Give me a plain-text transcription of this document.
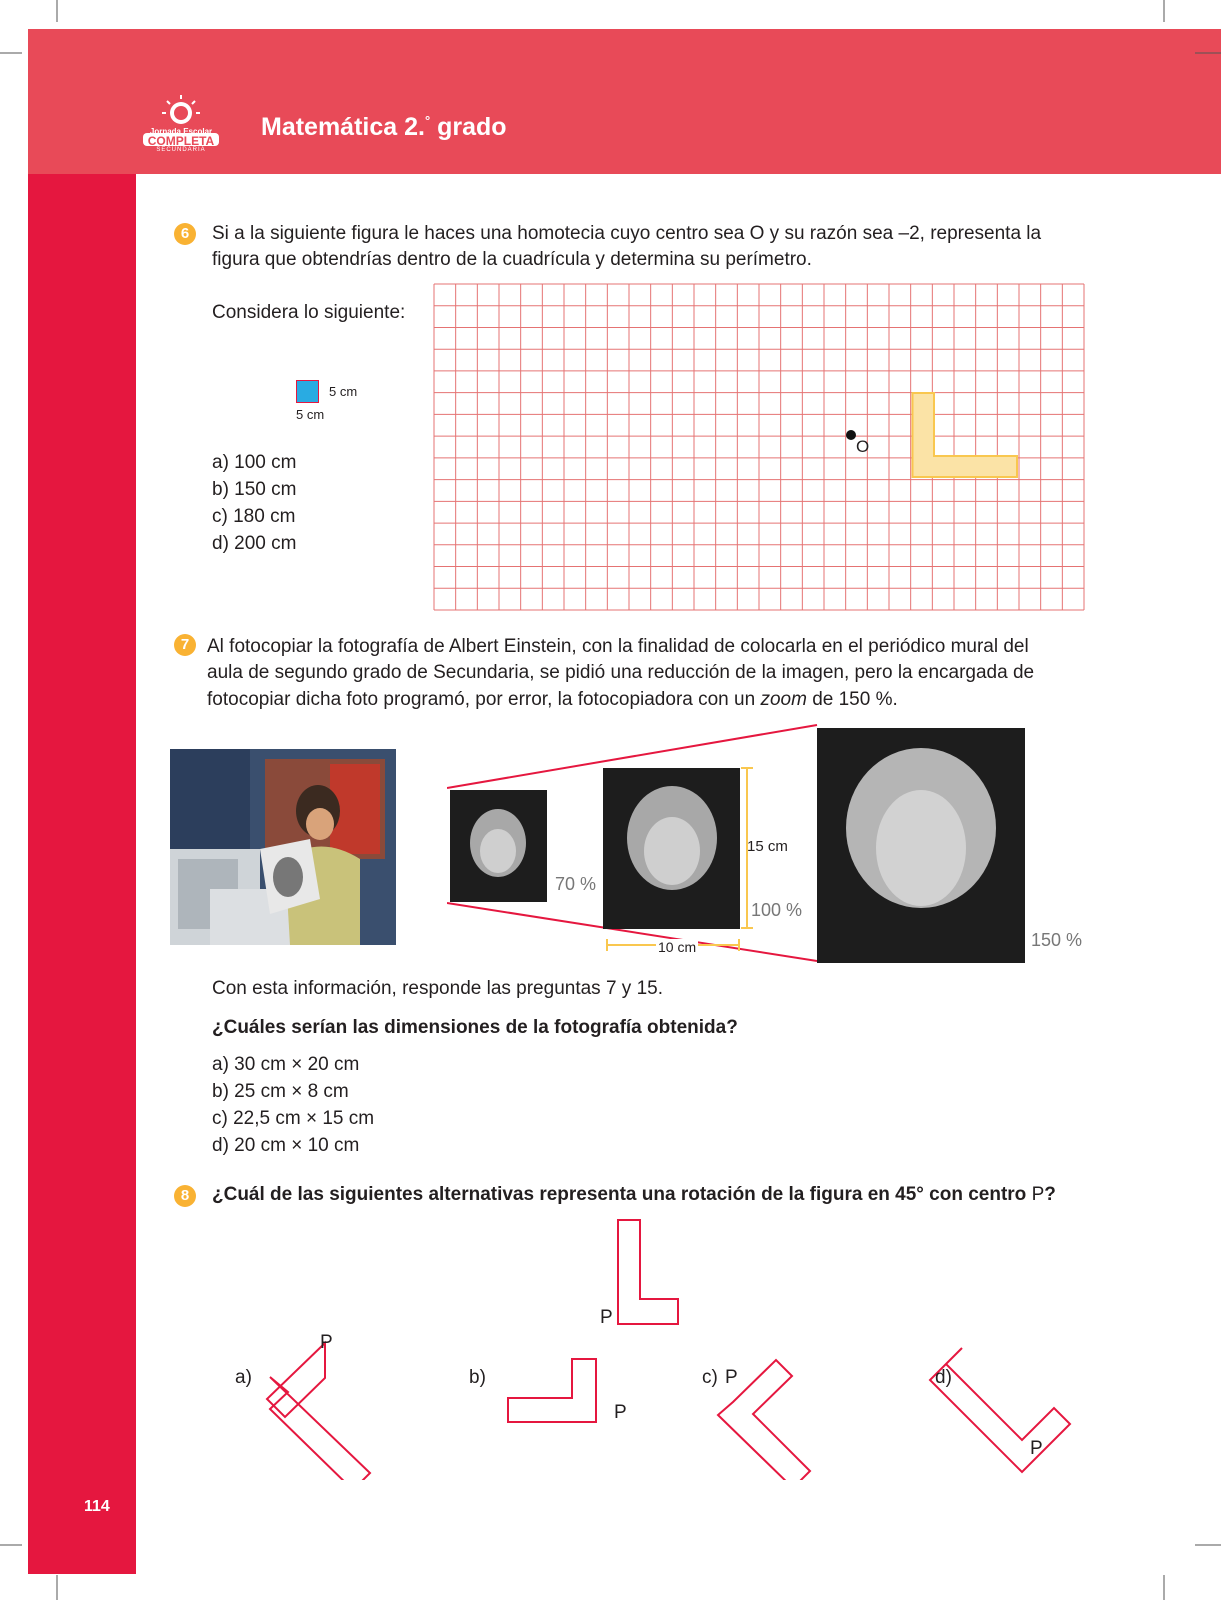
Jornada Escolar
COMPLETA
SECUNDARIA
Matemática 2.° grado
6	Si a la siguiente figura le haces una homotecia cuyo centro sea O y su razón sea –2, representa la
figura que obtendrías dentro de la cuadrícula y determina su perímetro.
Considera lo siguiente:
5 cm
5 cm
a) 100 cm
b) 150 cm
c) 180 cm
d) 200 cm
O
7 Al fotocopiar la fotografía de Albert Einstein, con la finalidad de colocarla en el periódico mural del
aula de segundo grado de Secundaria, se pidió una reducción de la imagen, pero la encargada de
fotocopiar dicha foto programó, por error, la fotocopiadora con un zoom de 150 %.
10 cm
15 cm
70 %
100 %
150 %
Con esta información, responde las preguntas 7 y 15.
¿Cuáles serían las dimensiones de la fotografía obtenida?
a) 30 cm × 20 cm
b) 25 cm × 8 cm
c) 22,5 cm × 15 cm
d) 20 cm × 10 cm
8	¿Cuál de las siguientes alternativas representa una rotación de la figura en 45° con centro P?
P
P
P
P
P
a)	b)	c)	d)
114
